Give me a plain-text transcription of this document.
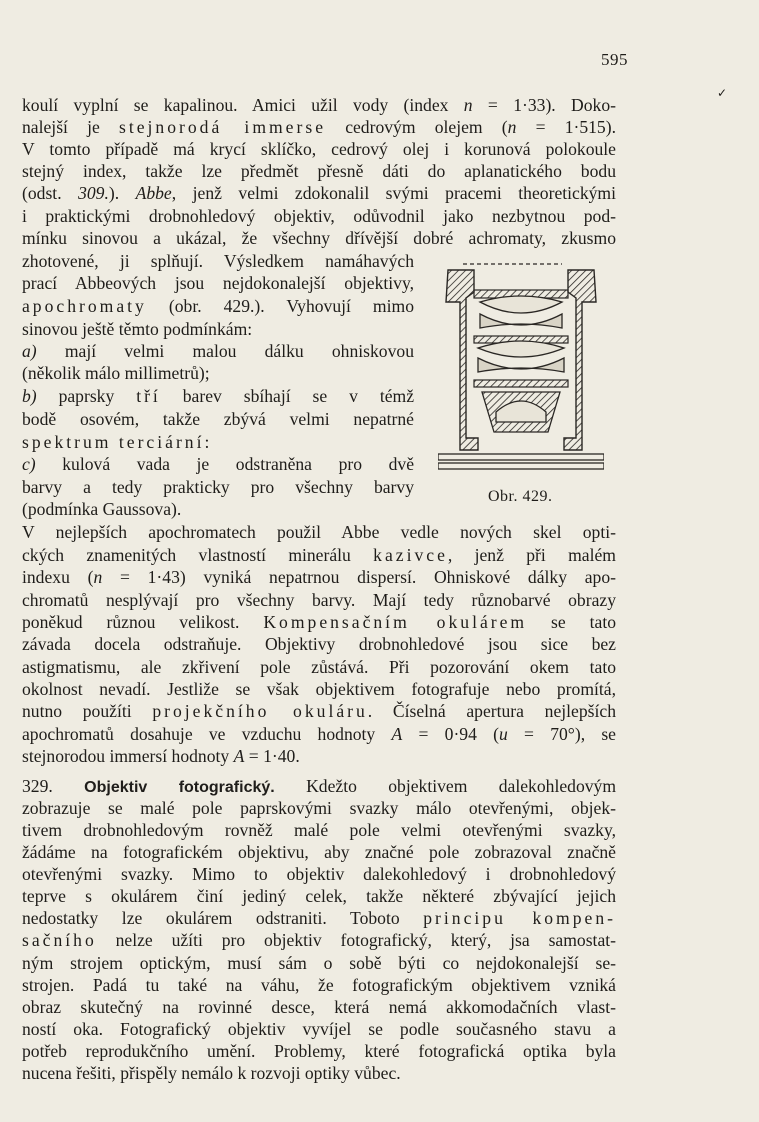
595
✓
koulí vyplní se kapalinou. Amici užil vody (index n = 1·33). Doko-
nalejší je stejnorodá immerse cedrovým olejem (n = 1·515).
V tomto případě má krycí sklíčko, cedrový olej i korunová polokoule
stejný index, takže lze předmět přesně dáti do aplanatického bodu
(odst. 309.). Abbe, jenž velmi zdokonalil svými pracemi theoretickými
i praktickými drobnohledový objektiv, odůvodnil jako nezbytnou pod-
mínku sinovou a ukázal, že všechny dřívější dobré achromaty, zkusmo
zhotovené, ji splňují. Výsledkem namáhavých
prací Abbeových jsou nejdokonalejší objektivy,
apochromaty (obr. 429.). Vyhovují mimo
sinovou ještě těmto podmínkám:
a) mají velmi malou dálku ohniskovou
(několik málo millimetrů);
b) paprsky tří barev sbíhají se v témž
bodě osovém, takže zbývá velmi nepatrné
spektrum terciární:
c) kulová vada je odstraněna pro dvě
barvy a tedy prakticky pro všechny barvy
(podmínka Gaussova).
V nejlepších apochromatech použil Abbe vedle nových skel opti-
ckých znamenitých vlastností minerálu kazivce, jenž při malém
indexu (n = 1·43) vyniká nepatrnou dispersí. Ohniskové dálky apo-
chromatů nesplývají pro všechny barvy. Mají tedy různobarvé obrazy
poněkud různou velikost. Kompensačním okulárem se tato
závada docela odstraňuje. Objektivy drobnohledové jsou sice bez
astigmatismu, ale zkřivení pole zůstává. Při pozorování okem tato
okolnost nevadí. Jestliže se však objektivem fotografuje nebo promítá,
nutno použíti projekčního okuláru. Číselná apertura nejlepších
apochromatů dosahuje ve vzduchu hodnoty A = 0·94 (u = 70°), se
stejnorodou immersí hodnoty A = 1·40.
329. Objektiv fotografický. Kdežto objektivem dalekohledovým
zobrazuje se malé pole paprskovými svazky málo otevřenými, objek-
tivem drobnohledovým rovněž malé pole velmi otevřenými svazky,
žádáme na fotografickém objektivu, aby značné pole zobrazoval značně
otevřenými svazky. Mimo to objektiv dalekohledový i drobnohledový
teprve s okulárem činí jediný celek, takže některé zbývající jejich
nedostatky lze okulárem odstraniti. Toboto principu kompen-
sačního nelze užíti pro objektiv fotografický, který, jsa samostat-
ným strojem optickým, musí sám o sobě býti co nejdokonalejší se-
strojen. Padá tu také na váhu, že fotografickým objektivem vzniká
obraz skutečný na rovinné desce, která nemá akkomodačních vlast-
ností oka. Fotografický objektiv vyvíjel se podle současného stavu a
potřeb reprodukčního umění. Problemy, které fotografická optika byla
nucena řešiti, přispěly nemálo k rozvoji optiky vůbec.
Obr. 429.
